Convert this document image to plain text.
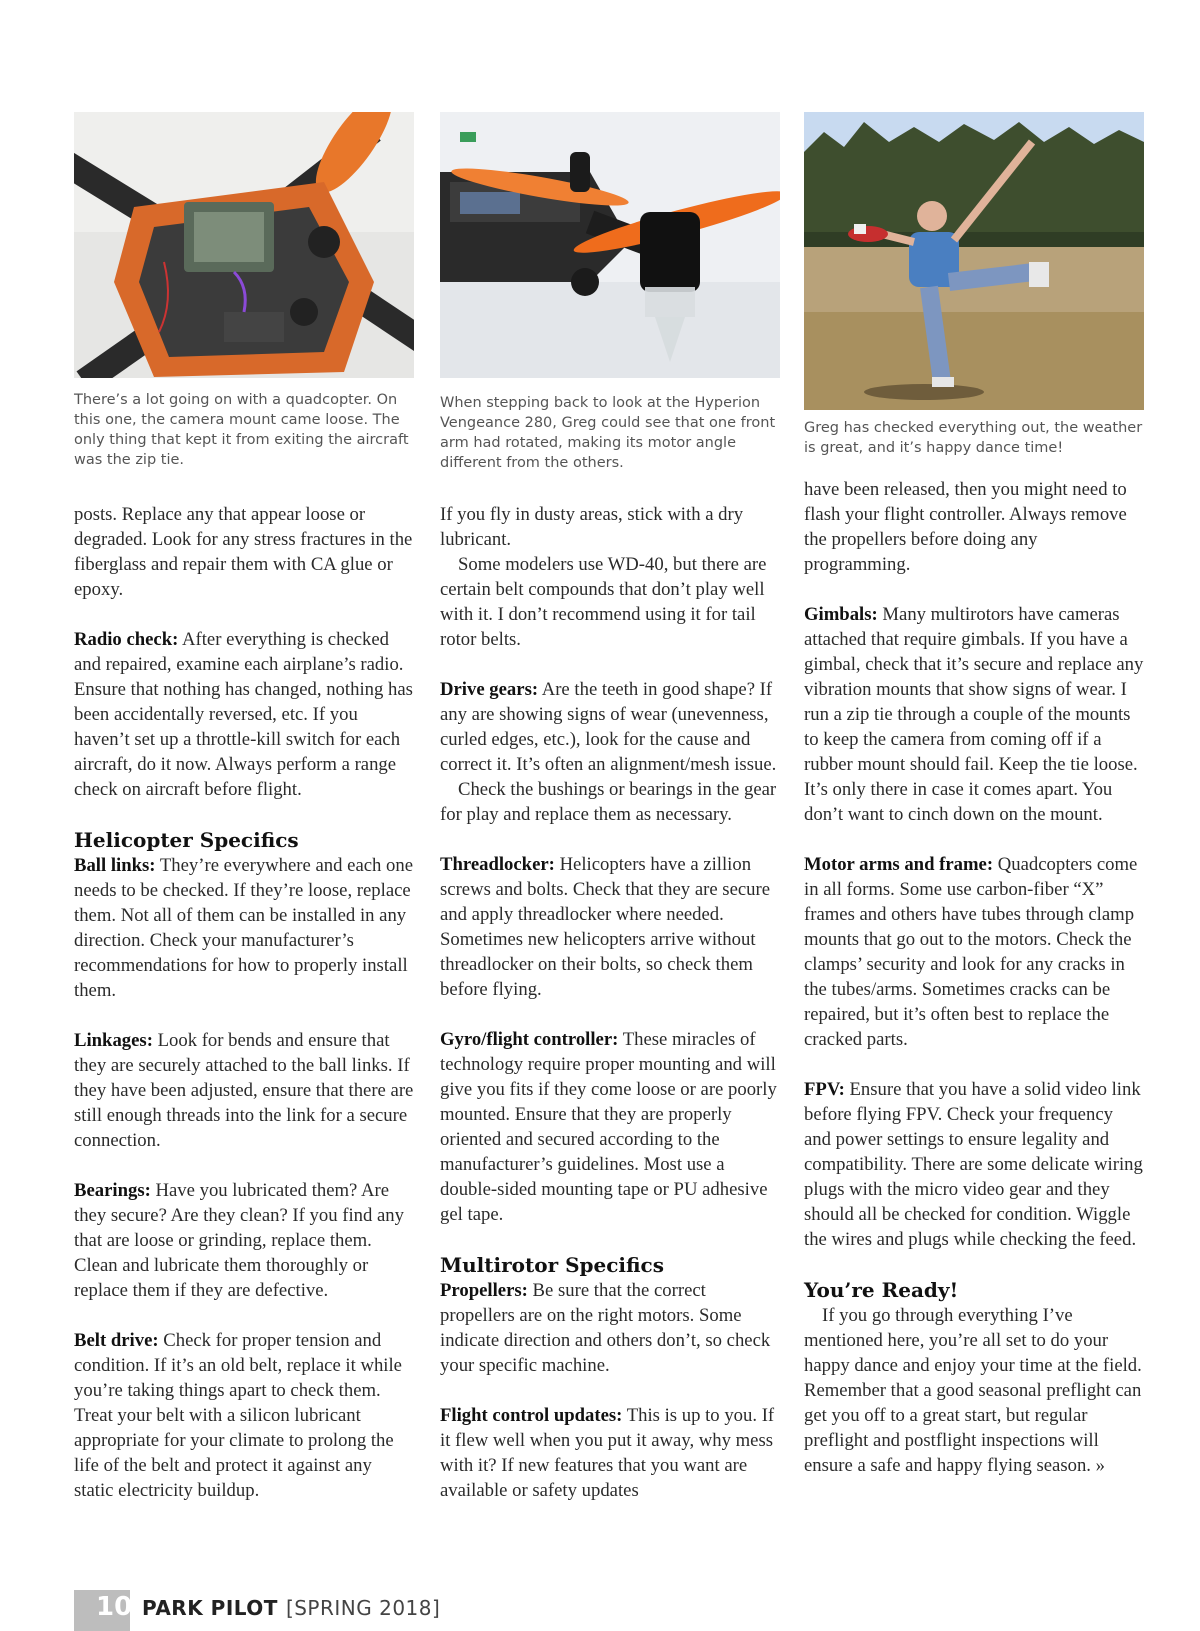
There’s a lot going on with a quadcopter. On this one, the camera mount came loose. The only thing that kept it from exiting the aircraft was the zip tie.

When stepping back to look at the Hyperion Vengeance 280, Greg could see that one front arm had rotated, making its motor angle different from the others.

Greg has checked everything out, the weather is great, and it’s happy dance time!

posts. Replace any that appear loose or degraded. Look for any stress fractures in the fiberglass and repair them with CA glue or epoxy.

Radio check: After everything is checked and repaired, examine each airplane’s radio. Ensure that nothing has changed, nothing has been accidentally reversed, etc. If you haven’t set up a throttle-kill switch for each aircraft, do it now. Always perform a range check on aircraft before flight.

Helicopter Specifics

Ball links: They’re everywhere and each one needs to be checked. If they’re loose, replace them. Not all of them can be installed in any direction. Check your manufacturer’s recommendations for how to properly install them.

Linkages: Look for bends and ensure that they are securely attached to the ball links. If they have been adjusted, ensure that there are still enough threads into the link for a secure connection.

Bearings: Have you lubricated them? Are they secure? Are they clean? If you find any that are loose or grinding, replace them. Clean and lubricate them thoroughly or replace them if they are defective.

Belt drive: Check for proper tension and condition. If it’s an old belt, replace it while you’re taking things apart to check them. Treat your belt with a silicon lubricant appropriate for your climate to prolong the life of the belt and protect it against any static electricity buildup.

If you fly in dusty areas, stick with a dry lubricant.

Some modelers use WD-40, but there are certain belt compounds that don’t play well with it. I don’t recommend using it for tail rotor belts.

Drive gears: Are the teeth in good shape? If any are showing signs of wear (unevenness, curled edges, etc.), look for the cause and correct it. It’s often an alignment/mesh issue.

Check the bushings or bearings in the gear for play and replace them as necessary.

Threadlocker: Helicopters have a zillion screws and bolts. Check that they are secure and apply threadlocker where needed. Sometimes new helicopters arrive without threadlocker on their bolts, so check them before flying.

Gyro/flight controller: These miracles of technology require proper mounting and will give you fits if they come loose or are poorly mounted. Ensure that they are properly oriented and secured according to the manufacturer’s guidelines. Most use a double-sided mounting tape or PU adhesive gel tape.

Multirotor Specifics

Propellers: Be sure that the correct propellers are on the right motors. Some indicate direction and others don’t, so check your specific machine.

Flight control updates: This is up to you. If it flew well when you put it away, why mess with it? If new features that you want are available or safety updates

have been released, then you might need to flash your flight controller. Always remove the propellers before doing any programming.

Gimbals: Many multirotors have cameras attached that require gimbals. If you have a gimbal, check that it’s secure and replace any vibration mounts that show signs of wear. I run a zip tie through a couple of the mounts to keep the camera from coming off if a rubber mount should fail. Keep the tie loose. It’s only there in case it comes apart. You don’t want to cinch down on the mount.

Motor arms and frame: Quadcopters come in all forms. Some use carbon-fiber “X” frames and others have tubes through clamp mounts that go out to the motors. Check the clamps’ security and look for any cracks in the tubes/arms. Sometimes cracks can be repaired, but it’s often best to replace the cracked parts.

FPV: Ensure that you have a solid video link before flying FPV. Check your frequency and power settings to ensure legality and compatibility. There are some delicate wiring plugs with the micro video gear and they should all be checked for condition. Wiggle the wires and plugs while checking the feed.

You’re Ready!

If you go through everything I’ve mentioned here, you’re all set to do your happy dance and enjoy your time at the field. Remember that a good seasonal preflight can get you off to a great start, but regular preflight and postflight inspections will ensure a safe and happy flying season. »

10 PARK PILOT [SPRING 2018]
